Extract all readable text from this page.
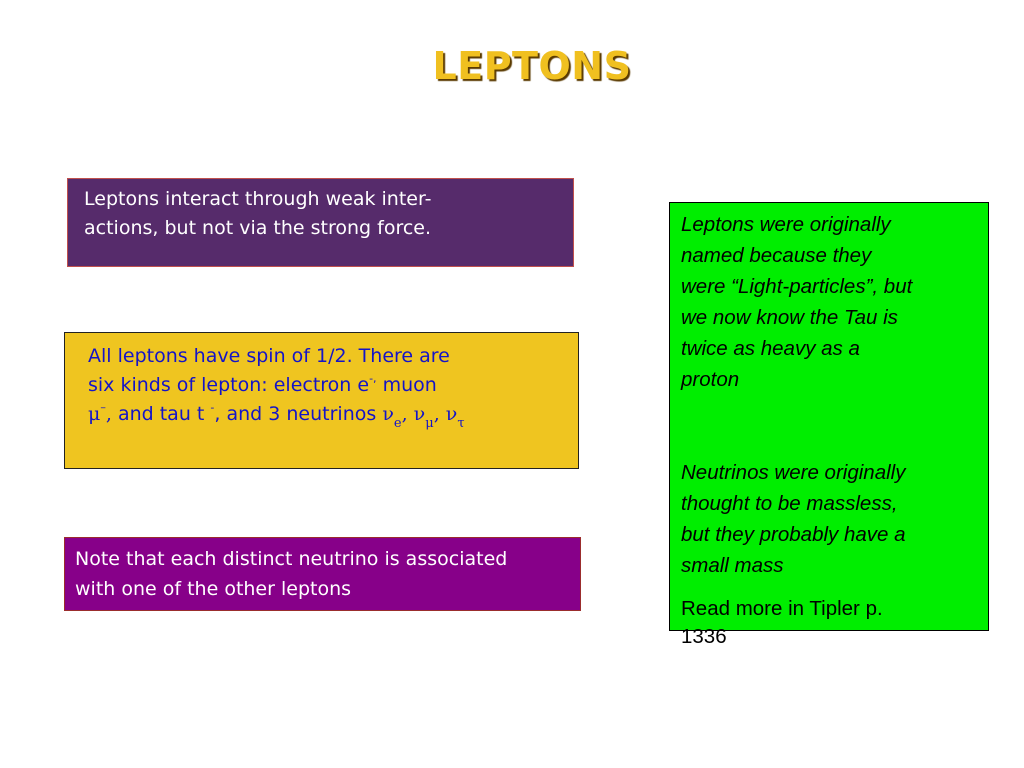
LEPTONS
Leptons interact through weak inter-
actions, but not via the strong force.
All leptons have spin of 1/2. There are
six kinds of lepton: electron e-, muon
μ–, and tau t -, and 3 neutrinos $\nu_e$, $\nu_\mu$, $\nu_\tau$
Note that each distinct neutrino is associated
with one of the other leptons

Leptons were originally
named because they
were “Light-particles”, but
we now know the Tau is
twice as heavy as a
proton

Neutrinos were originally
thought to be massless,
but they probably have a
small mass

Read more in Tipler p.
1336
